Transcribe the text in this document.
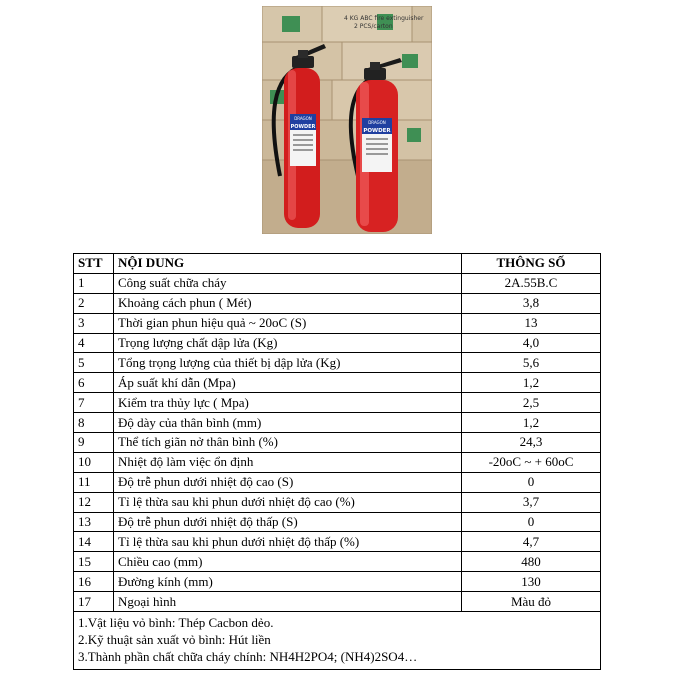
4 KG ABC fire extinguisher
2 PCS/carton
DRAGON
POWDER
DRAGON
POWDER
STT	NỘI DUNG	THÔNG SỐ
1	Công suất chữa cháy	2A.55B.C
2	Khoảng cách phun ( Mét)	3,8
3	Thời gian phun hiệu quả ~ 20oC (S)	13
4	Trọng lượng chất dập lửa (Kg)	4,0
5	Tổng trọng lượng của thiết bị dập lửa (Kg)	5,6
6	Áp suất khí dẫn (Mpa)	1,2
7	Kiểm tra thủy lực ( Mpa)	2,5
8	Độ dày của thân bình (mm)	1,2
9	Thể tích giãn nở thân bình (%)	24,3
10	Nhiệt độ làm việc ổn định	-20oC ~ + 60oC
11	Độ trễ phun dưới nhiệt độ cao (S)	0
12	Tỉ lệ thừa sau khi phun dưới nhiệt độ cao (%)	3,7
13	Độ trễ phun dưới nhiệt độ thấp (S)	0
14	Tỉ lệ thừa sau khi phun dưới nhiệt độ thấp (%)	4,7
15	Chiều cao (mm)	480
16	Đường kính (mm)	130
17	Ngoại hình	Màu đỏ

1.Vật liệu vỏ bình: Thép Cacbon dẻo.
2.Kỹ thuật sản xuất vỏ bình: Hút liền
3.Thành phần chất chữa cháy chính: NH4H2PO4; (NH4)2SO4…		
